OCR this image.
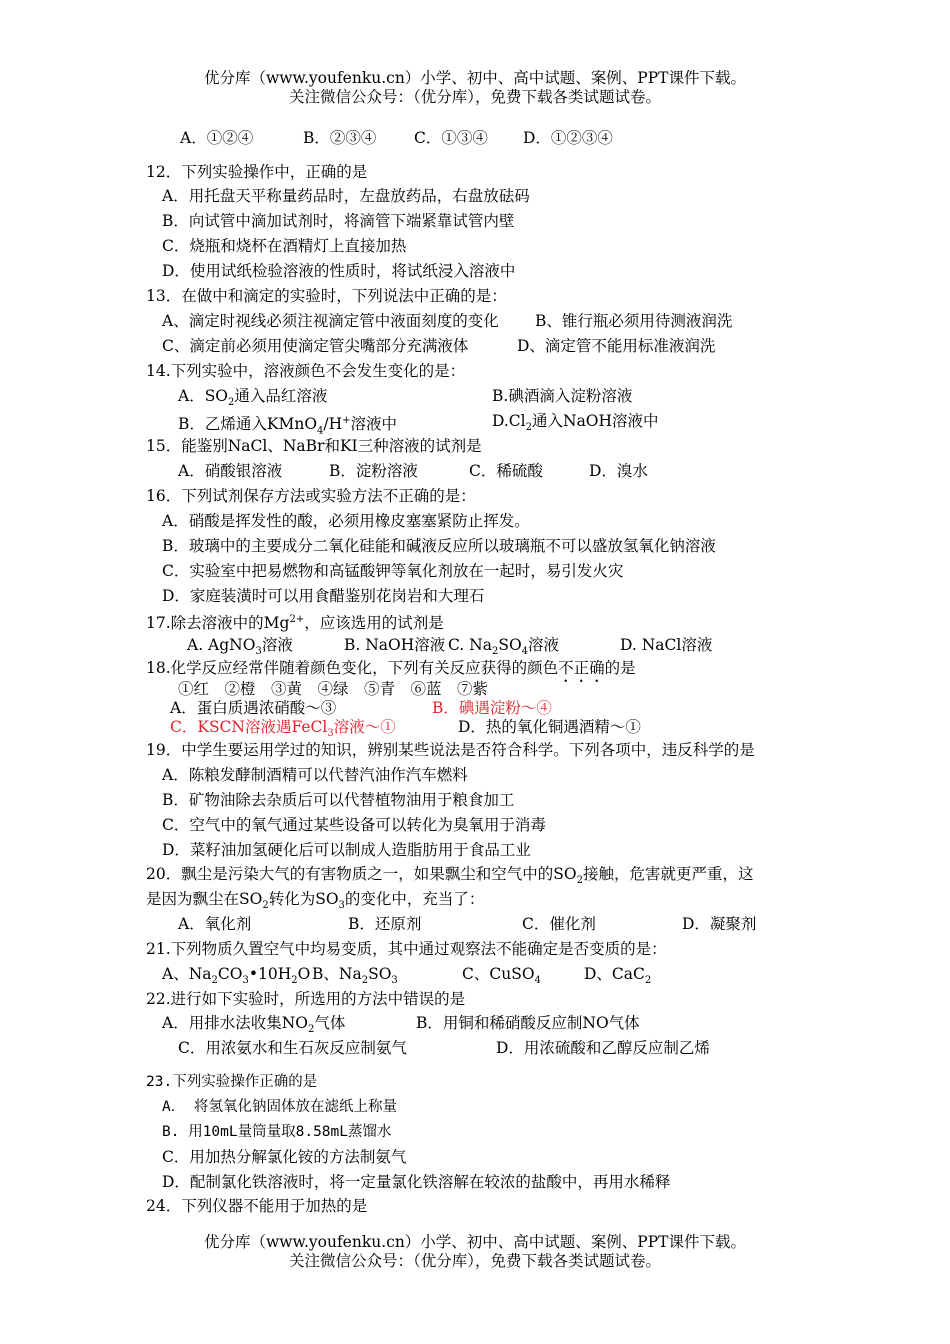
优分库（www.youfenku.cn）小学、初中、高中试题、案例、PPT课件下载。
关注微信公众号：（优分库），免费下载各类试题试卷。
A．①②④	B．②③④ C．①③④ D．①②③④
12．下列实验操作中，正确的是
A．用托盘天平称量药品时，左盘放药品，右盘放砝码
B．向试管中滴加试剂时，将滴管下端紧靠试管内壁
C．烧瓶和烧杯在酒精灯上直接加热
D．使用试纸检验溶液的性质时，将试纸浸入溶液中
13．在做中和滴定的实验时，下列说法中正确的是：
A、滴定时视线必须注视滴定管中液面刻度的变化 B、锥行瓶必须用待测液润洗
C、滴定前必须用使滴定管尖嘴部分充满液体	D、滴定管不能用标准液润洗
14.下列实验中，溶液颜色不会发生变化的是：
A．$SO_2$通入品红溶液	B.碘酒滴入淀粉溶液
B．乙烯通入KMnO$_4$/H+溶液中	$D.Cl_2$通入NaOH溶液中
15．能鉴别NaCl、NaBr和KI三种溶液的试剂是
A．硝酸银溶液	B．淀粉溶液	C．稀硫酸	D．溴水
16．下列试剂保存方法或实验方法不正确的是：
A．硝酸是挥发性的酸，必须用橡皮塞塞紧防止挥发。
B．玻璃中的主要成分二氧化硅能和碱液反应所以玻璃瓶不可以盛放氢氧化钠溶液
C．实验室中把易燃物和高锰酸钾等氧化剂放在一起时，易引发火灾
D．家庭装潢时可以用食醋鉴别花岗岩和大理石
17.除去溶液中的$Mg^{2+}$，应该选用的试剂是
A. AgNO$_3$溶液	B. NaOH溶液 C. $Na_2SO_4$溶液	D. NaCl溶液
18.化学反应经常伴随着颜色变化，下列有关反应获得的颜色不正确的是
①红　②橙　③黄　④绿　⑤青　⑥蓝　⑦紫
A．蛋白质遇浓硝酸～③	B．碘遇淀粉～④
C．KSCN溶液遇FeCl$_3$溶液～①	D．热的氧化铜遇酒精～①
19．中学生要运用学过的知识，辨别某些说法是否符合科学。下列各项中，违反科学的是
A．陈粮发酵制酒精可以代替汽油作汽车燃料
B．矿物油除去杂质后可以代替植物油用于粮食加工
C．空气中的氧气通过某些设备可以转化为臭氧用于消毒
D．菜籽油加氢硬化后可以制成人造脂肪用于食品工业
20．飘尘是污染大气的有害物质之一，如果飘尘和空气中的$SO_2$接触，危害就更严重，这
是因为飘尘在$SO_2$转化为$SO_3$的变化中，充当了：
A．氧化剂	B．还原剂	C．催化剂	D．凝聚剂
21.下列物质久置空气中均易变质，其中通过观察法不能确定是否变质的是：
A、$Na_2CO_3•10H_2O$ B、$Na_2SO_3$	C、CuSO$_4$	D、CaC$_2$
22.进行如下实验时，所选用的方法中错误的是
A．用排水法收集$NO_2$气体	B．用铜和稀硝酸反应制NO气体
C．用浓氨水和生石灰反应制氨气	D．用浓硫酸和乙醇反应制乙烯
23.下列实验操作正确的是
A． 将氢氧化钠固体放在滤纸上称量
B. 用10mL量筒量取8.58mL蒸馏水
C．用加热分解氯化铵的方法制氨气
D．配制氯化铁溶液时，将一定量氯化铁溶解在较浓的盐酸中，再用水稀释
24．下列仪器不能用于加热的是
优分库（www.youfenku.cn）小学、初中、高中试题、案例、PPT课件下载。
关注微信公众号：（优分库），免费下载各类试题试卷。
